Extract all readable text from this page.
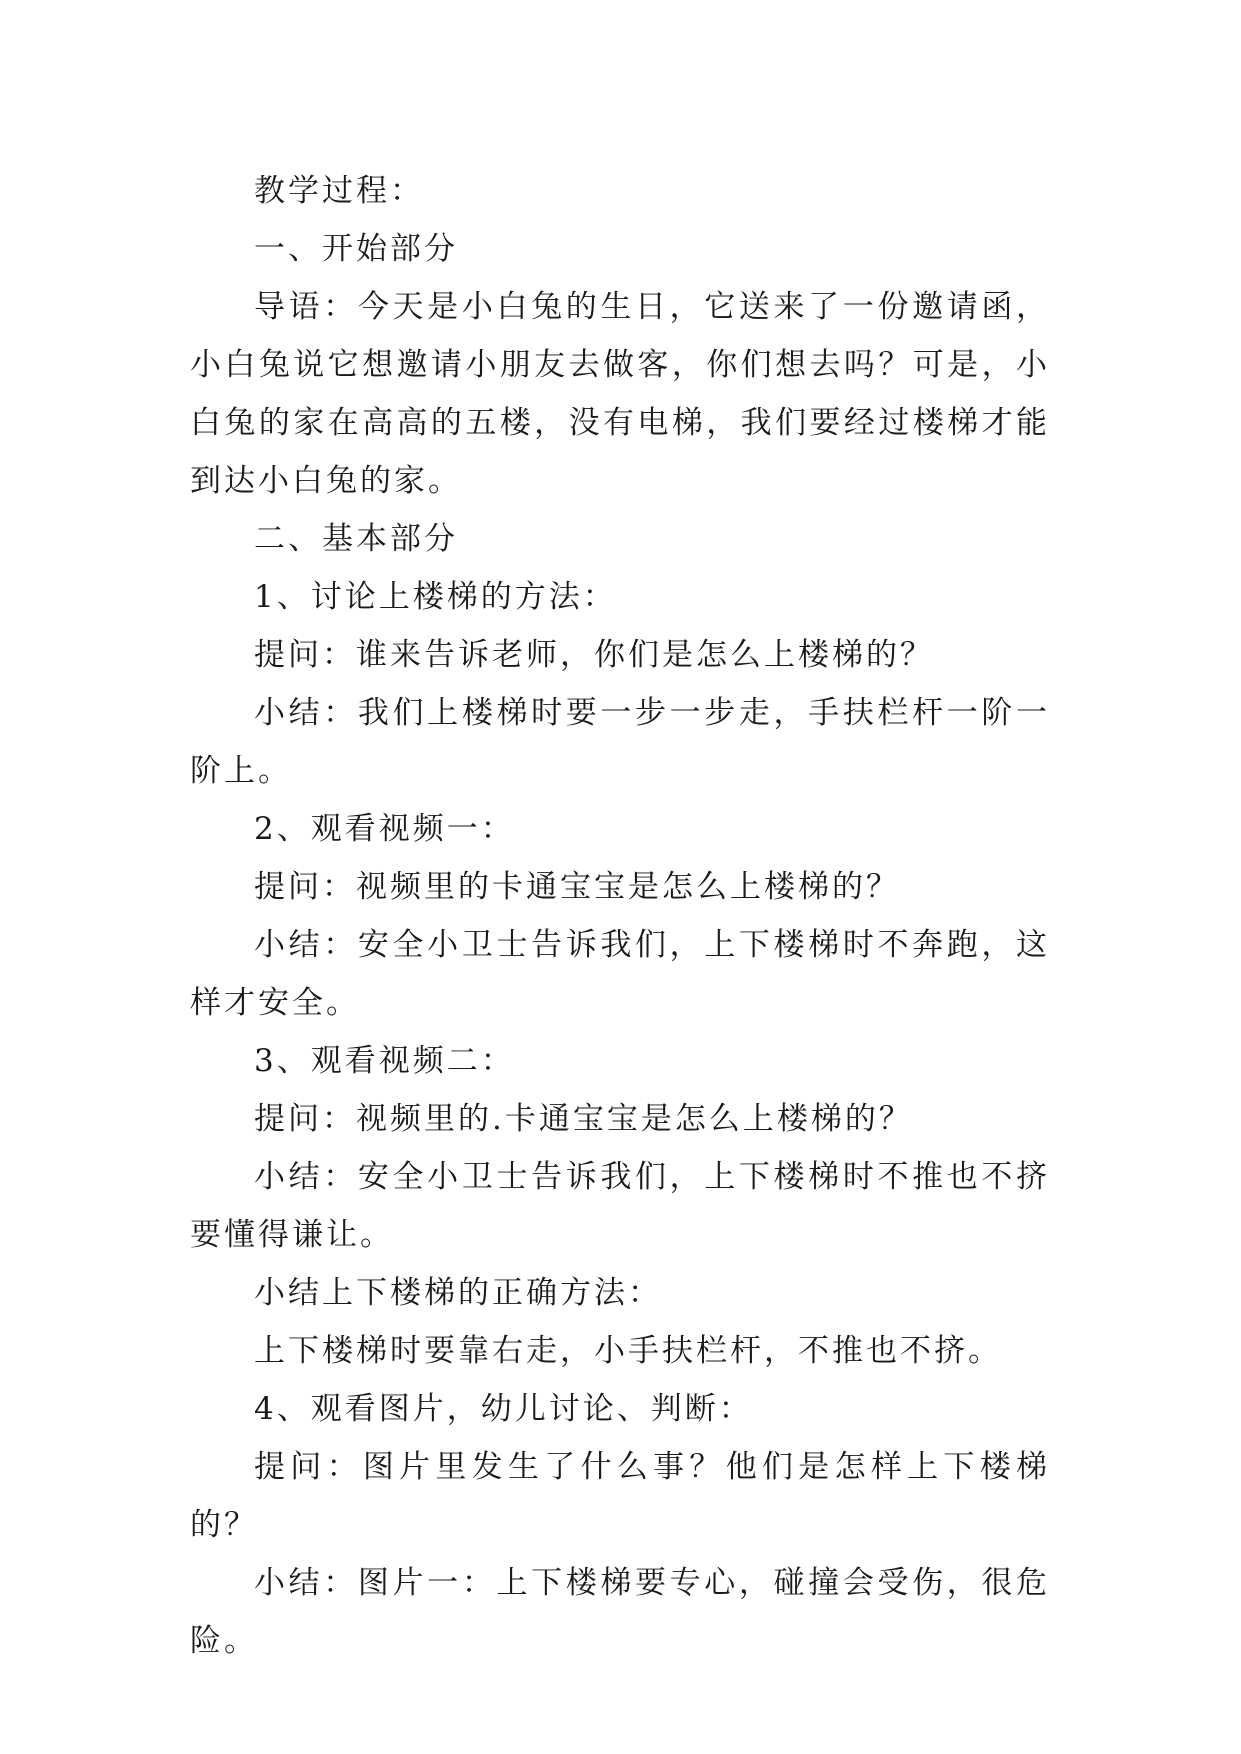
教学过程：

一、开始部分

导语：今天是小白兔的生日，它送来了一份邀请函，小白兔说它想邀请小朋友去做客，你们想去吗？可是，小白兔的家在高高的五楼，没有电梯，我们要经过楼梯才能到达小白兔的家。

二、基本部分

1、讨论上楼梯的方法：

提问：谁来告诉老师，你们是怎么上楼梯的？

小结：我们上楼梯时要一步一步走，手扶栏杆一阶一阶上。

2、观看视频一：

提问：视频里的卡通宝宝是怎么上楼梯的？

小结：安全小卫士告诉我们，上下楼梯时不奔跑，这样才安全。

3、观看视频二：

提问：视频里的.卡通宝宝是怎么上楼梯的？

小结：安全小卫士告诉我们，上下楼梯时不推也不挤要懂得谦让。

小结上下楼梯的正确方法：

上下楼梯时要靠右走，小手扶栏杆，不推也不挤。

4、观看图片，幼儿讨论、判断：

提问：图片里发生了什么事？他们是怎样上下楼梯的？

小结：图片一：上下楼梯要专心，碰撞会受伤，很危险。
